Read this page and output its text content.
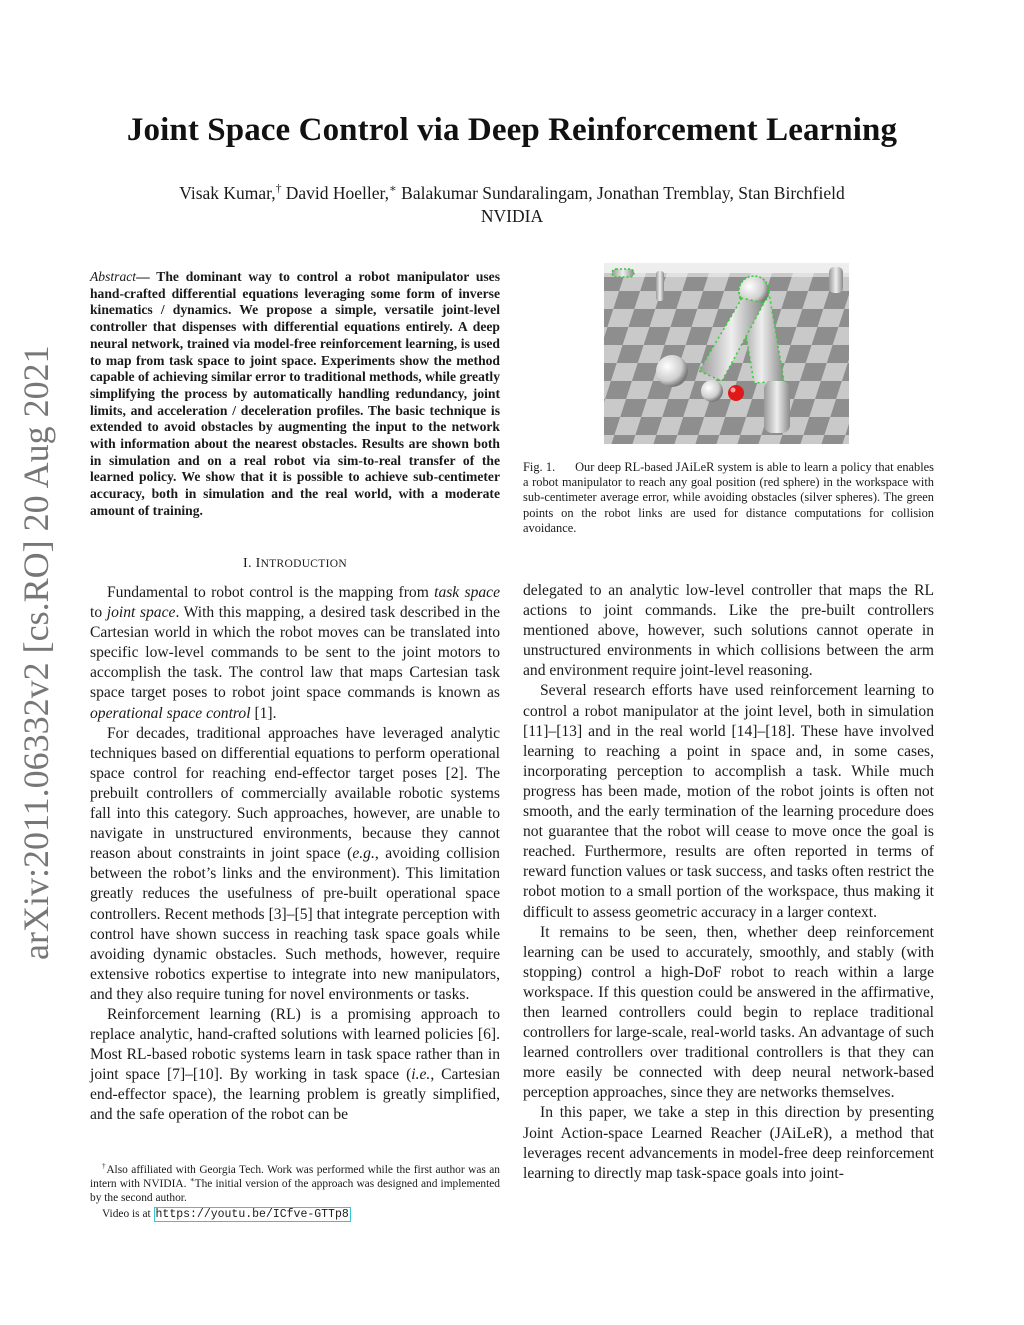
Joint Space Control via Deep Reinforcement Learning
Visak Kumar,† David Hoeller,∗ Balakumar Sundaralingam, Jonathan Tremblay, Stan Birchfield
NVIDIA
arXiv:2011.06332v2 [cs.RO] 20 Aug 2021
Abstract— The dominant way to control a robot manipulator uses hand-crafted differential equations leveraging some form of inverse kinematics / dynamics. We propose a simple, versatile joint-level controller that dispenses with differential equations entirely. A deep neural network, trained via model-free reinforcement learning, is used to map from task space to joint space. Experiments show the method capable of achieving similar error to traditional methods, while greatly simplifying the process by automatically handling redundancy, joint limits, and acceleration / deceleration profiles. The basic technique is extended to avoid obstacles by augmenting the input to the network with information about the nearest obstacles. Results are shown both in simulation and on a real robot via sim-to-real transfer of the learned policy. We show that it is possible to achieve sub-centimeter accuracy, both in simulation and the real world, with a moderate amount of training.
I. INTRODUCTION

Fundamental to robot control is the mapping from task space to joint space. With this mapping, a desired task described in the Cartesian world in which the robot moves can be translated into specific low-level commands to be sent to the joint motors to accomplish the task. The control law that maps Cartesian task space target poses to robot joint space commands is known as operational space control [1].

For decades, traditional approaches have leveraged analytic techniques based on differential equations to perform operational space control for reaching end-effector target poses [2]. The prebuilt controllers of commercially available robotic systems fall into this category. Such approaches, however, are unable to navigate in unstructured environments, because they cannot reason about constraints in joint space (e.g., avoiding collision between the robot’s links and the environment). This limitation greatly reduces the usefulness of pre-built operational space controllers. Recent methods [3]–[5] that integrate perception with control have shown success in reaching task space goals while avoiding dynamic obstacles. Such methods, however, require extensive robotics expertise to integrate into new manipulators, and they also require tuning for novel environments or tasks.

Reinforcement learning (RL) is a promising approach to replace analytic, hand-crafted solutions with learned policies [6]. Most RL-based robotic systems learn in task space rather than in joint space [7]–[10]. By working in task space (i.e., Cartesian end-effector space), the learning problem is greatly simplified, and the safe operation of the robot can be

†Also affiliated with Georgia Tech. Work was performed while the first author was an intern with NVIDIA. ∗The initial version of the approach was designed and implemented by the second author.

Video is at https://youtu.be/ICfve-GTTp8

Fig. 1. Our deep RL-based JAiLeR system is able to learn a policy that enables a robot manipulator to reach any goal position (red sphere) in the workspace with sub-centimeter average error, while avoiding obstacles (silver spheres). The green points on the robot links are used for distance computations for collision avoidance.

delegated to an analytic low-level controller that maps the RL actions to joint commands. Like the pre-built controllers mentioned above, however, such solutions cannot operate in unstructured environments in which collisions between the arm and environment require joint-level reasoning.

Several research efforts have used reinforcement learning to control a robot manipulator at the joint level, both in simulation [11]–[13] and in the real world [14]–[18]. These have involved learning to reaching a point in space and, in some cases, incorporating perception to accomplish a task. While much progress has been made, motion of the robot joints is often not smooth, and the early termination of the learning procedure does not guarantee that the robot will cease to move once the goal is reached. Furthermore, results are often reported in terms of reward function values or task success, and tasks often restrict the robot motion to a small portion of the workspace, thus making it difficult to assess geometric accuracy in a larger context.

It remains to be seen, then, whether deep reinforcement learning can be used to accurately, smoothly, and stably (with stopping) control a high-DoF robot to reach within a large workspace. If this question could be answered in the affirmative, then learned controllers could begin to replace traditional controllers for large-scale, real-world tasks. An advantage of such learned controllers over traditional controllers is that they can more easily be connected with deep neural network-based perception approaches, since they are networks themselves.

In this paper, we take a step in this direction by presenting Joint Action-space Learned Reacher (JAiLeR), a method that leverages recent advancements in model-free deep reinforcement learning to directly map task-space goals into joint-
